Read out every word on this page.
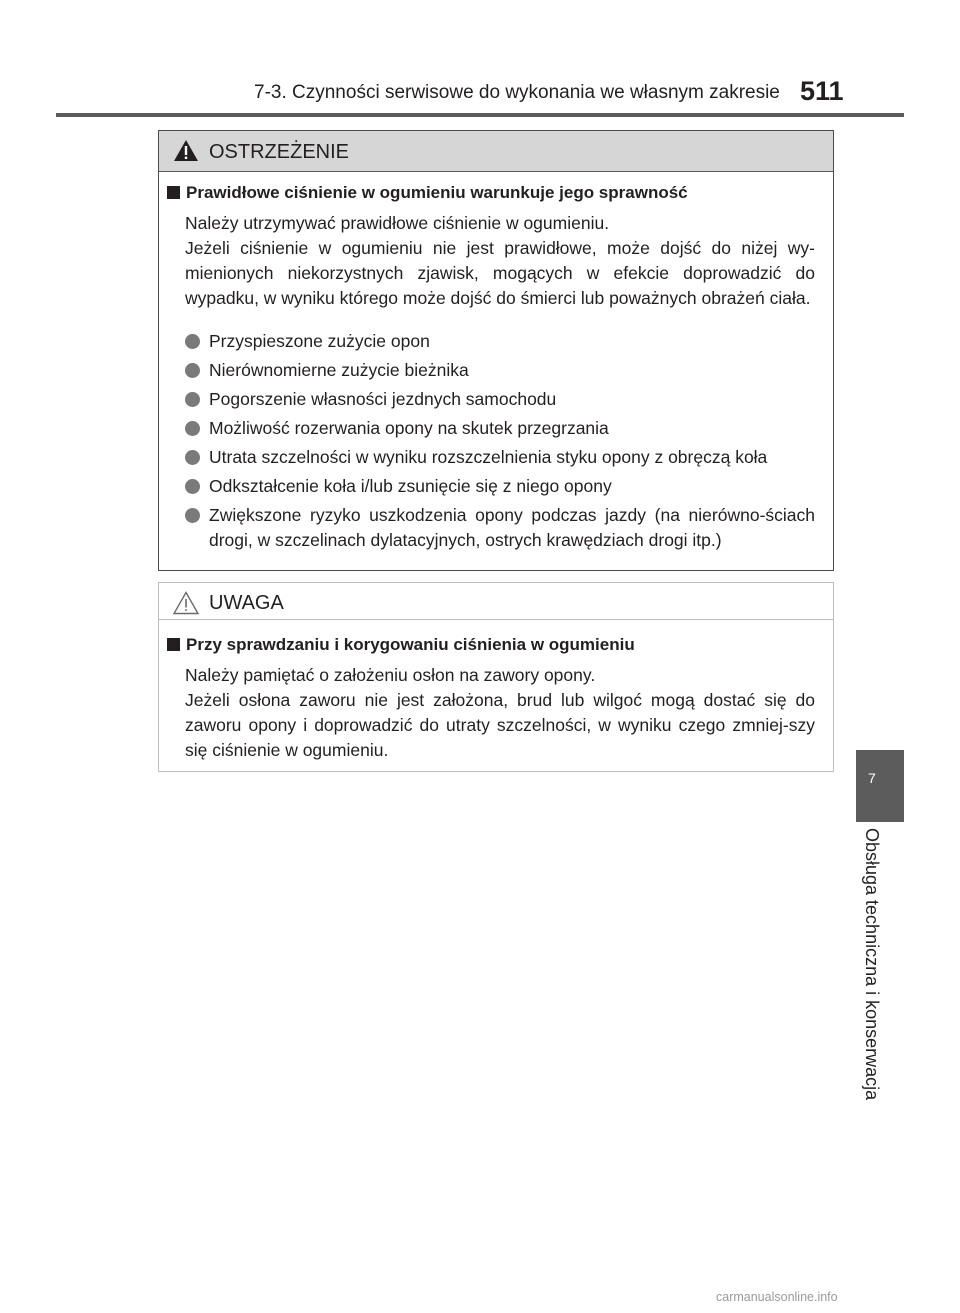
7-3. Czynności serwisowe do wykonania we własnym zakresie 511
OSTRZEŻENIE
Prawidłowe ciśnienie w ogumieniu warunkuje jego sprawność
Należy utrzymywać prawidłowe ciśnienie w ogumieniu.
Jeżeli ciśnienie w ogumieniu nie jest prawidłowe, może dojść do niżej wy-mienionych niekorzystnych zjawisk, mogących w efekcie doprowadzić do wypadku, w wyniku którego może dojść do śmierci lub poważnych obrażeń ciała.
Przyspieszone zużycie opon
Nierównomierne zużycie bieżnika
Pogorszenie własności jezdnych samochodu
Możliwość rozerwania opony na skutek przegrzania
Utrata szczelności w wyniku rozszczelnienia styku opony z obręczą koła
Odkształcenie koła i/lub zsunięcie się z niego opony
Zwiększone ryzyko uszkodzenia opony podczas jazdy (na nierówno-ściach drogi, w szczelinach dylatacyjnych, ostrych krawędziach drogi itp.)
UWAGA
Przy sprawdzaniu i korygowaniu ciśnienia w ogumieniu
Należy pamiętać o założeniu osłon na zawory opony.
Jeżeli osłona zaworu nie jest założona, brud lub wilgoć mogą dostać się do zaworu opony i doprowadzić do utraty szczelności, w wyniku czego zmniej-szy się ciśnienie w ogumieniu.
7
Obsługa techniczna i konserwacja
carmanualsonline.info
